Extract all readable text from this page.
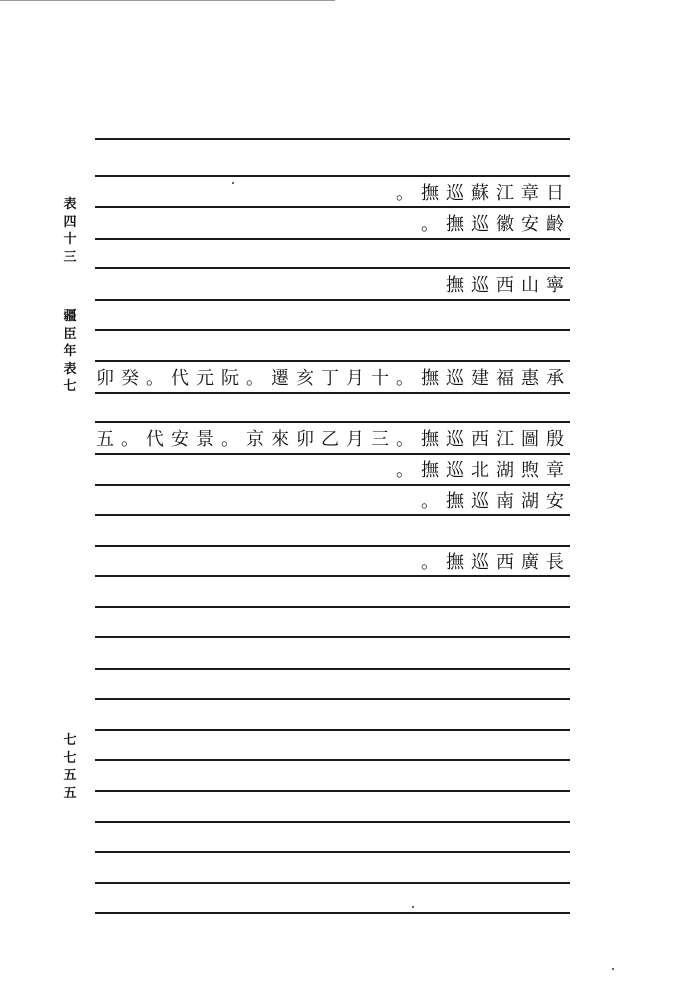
表
四
十
三
疆
臣
年
表
七
七
七
五
五
日章江蘇巡撫。
齡安徽巡撫。
寧山西巡撫
承惠福建巡撫。十月丁亥遷。阮元代。癸卯
殷圖江西巡撫。三月乙卯來京。景安代。五
章煦湖北巡撫。
安湖南巡撫。
長廣西巡撫。
